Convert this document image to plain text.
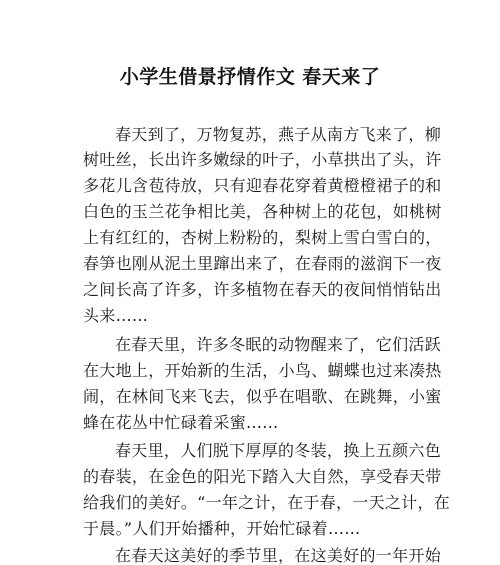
小学生借景抒情作文 春天来了
春天到了，万物复苏，燕子从南方飞来了，柳
树吐丝，长出许多嫩绿的叶子，小草拱出了头，许
多花儿含苞待放，只有迎春花穿着黄橙橙裙子的和
白色的玉兰花争相比美，各种树上的花包，如桃树
上有红红的，杏树上粉粉的，梨树上雪白雪白的，
春笋也刚从泥土里蹿出来了，在春雨的滋润下一夜
之间长高了许多，许多植物在春天的夜间悄悄钻出
头来……
在春天里，许多冬眠的动物醒来了，它们活跃
在大地上，开始新的生活，小鸟、蝴蝶也过来凑热
闹，在林间飞来飞去，似乎在唱歌、在跳舞，小蜜
蜂在花丛中忙碌着采蜜……
春天里，人们脱下厚厚的冬装，换上五颜六色
的春装，在金色的阳光下踏入大自然，享受春天带
给我们的美好。“一年之计，在于春，一天之计，在
于晨。”人们开始播种，开始忙碌着……
在春天这美好的季节里，在这美好的一年开始
